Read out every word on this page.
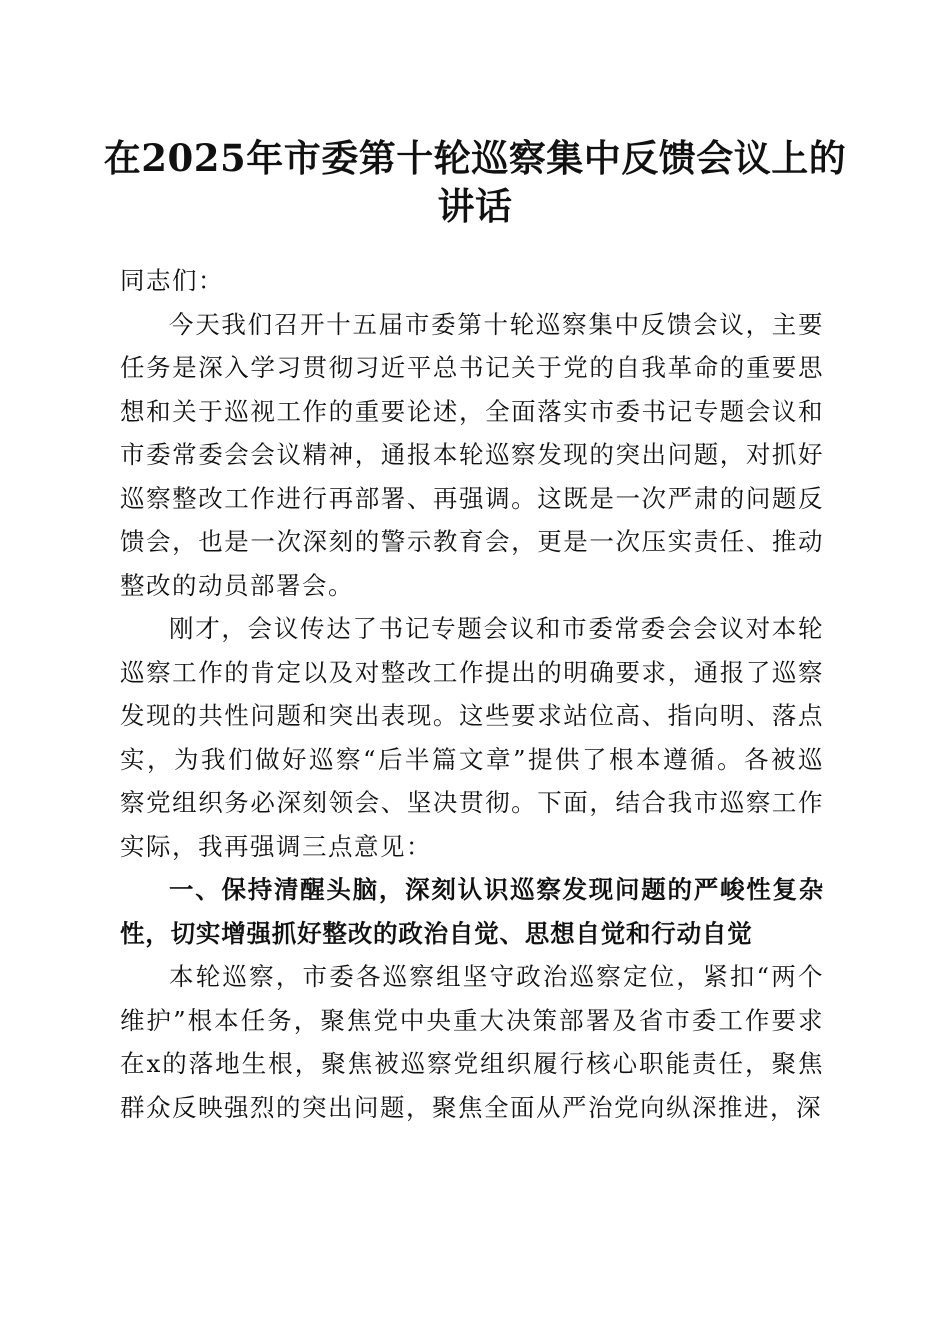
在2025年市委第十轮巡察集中反馈会议上的讲话

同志们：

今天我们召开十五届市委第十轮巡察集中反馈会议，主要任务是深入学习贯彻习近平总书记关于党的自我革命的重要思想和关于巡视工作的重要论述，全面落实市委书记专题会议和市委常委会会议精神，通报本轮巡察发现的突出问题，对抓好巡察整改工作进行再部署、再强调。这既是一次严肃的问题反馈会，也是一次深刻的警示教育会，更是一次压实责任、推动整改的动员部署会。

刚才，会议传达了书记专题会议和市委常委会会议对本轮巡察工作的肯定以及对整改工作提出的明确要求，通报了巡察发现的共性问题和突出表现。这些要求站位高、指向明、落点实，为我们做好巡察“后半篇文章”提供了根本遵循。各被巡察党组织务必深刻领会、坚决贯彻。下面，结合我市巡察工作实际，我再强调三点意见：

一、保持清醒头脑，深刻认识巡察发现问题的严峻性复杂性，切实增强抓好整改的政治自觉、思想自觉和行动自觉

本轮巡察，市委各巡察组坚守政治巡察定位，紧扣“两个维护”根本任务，聚焦党中央重大决策部署及省市委工作要求在x的落地生根，聚焦被巡察党组织履行核心职能责任，聚焦群众反映强烈的突出问题，聚焦全面从严治党向纵深推进，深
